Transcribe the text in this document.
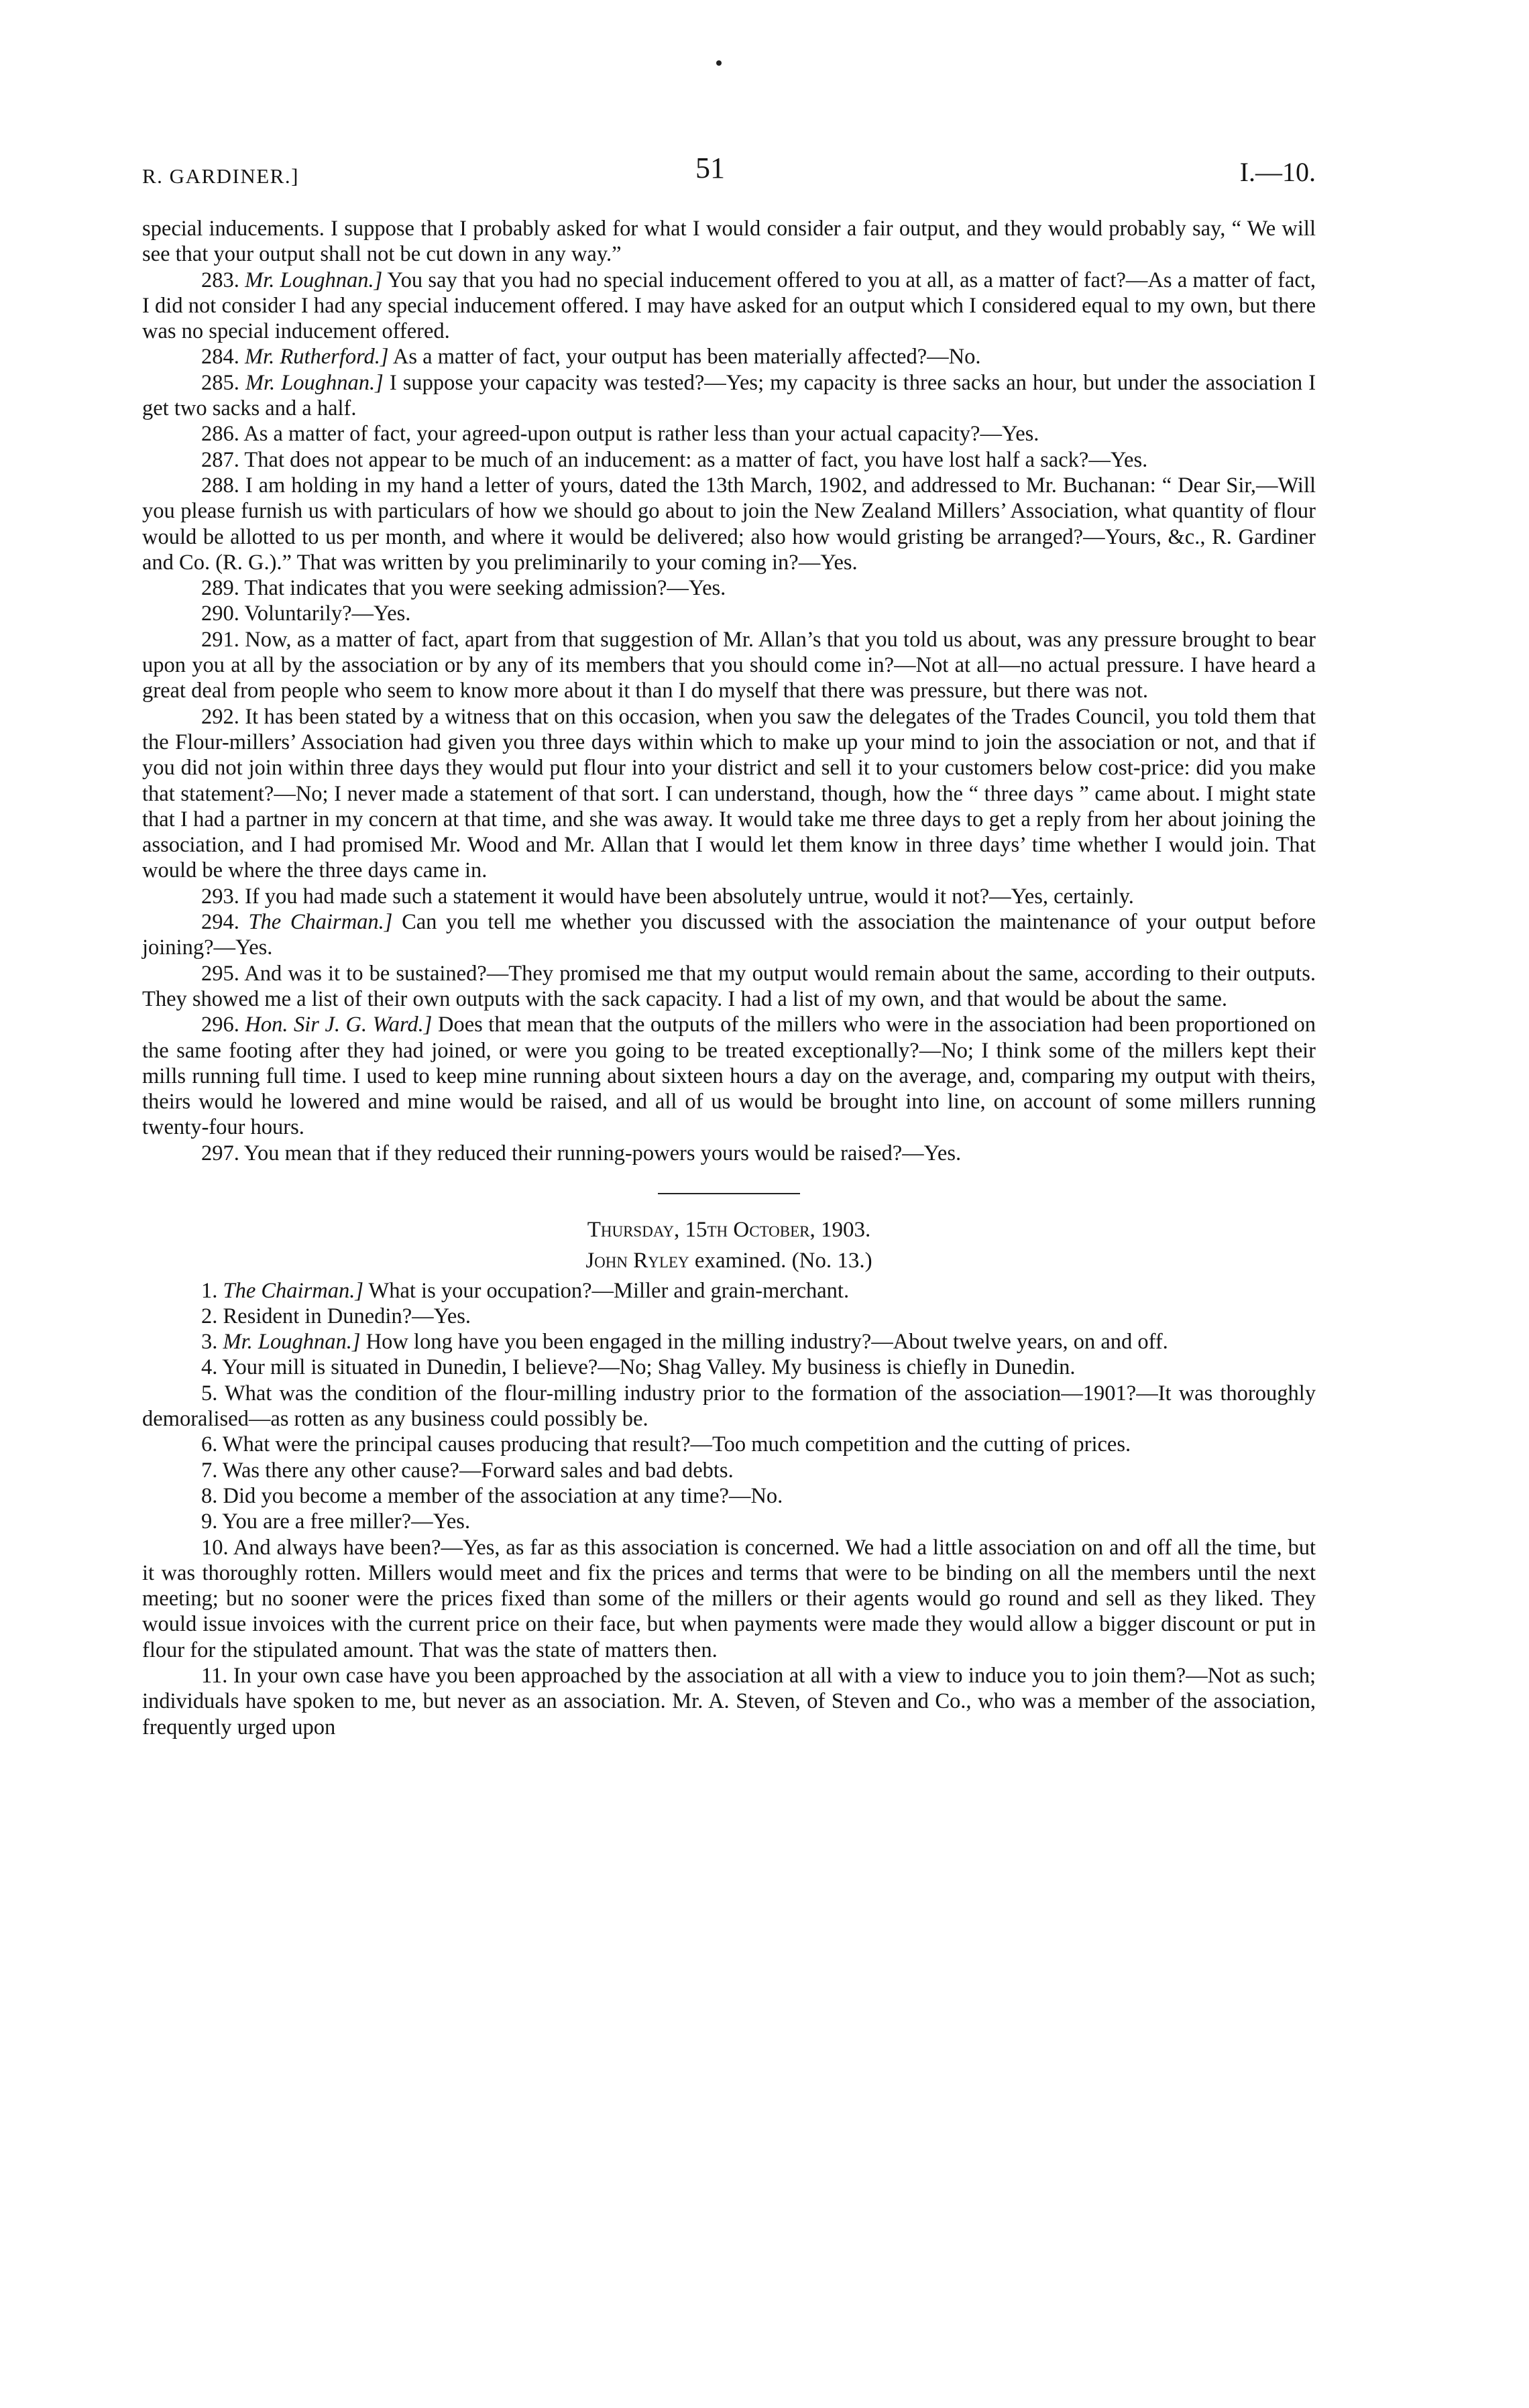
R. GARDINER.]	51	I.—10.

special inducements. I suppose that I probably asked for what I would consider a fair output, and they would probably say, “ We will see that your output shall not be cut down in any way.”

283. Mr. Loughnan.] You say that you had no special inducement offered to you at all, as a matter of fact?—As a matter of fact, I did not consider I had any special inducement offered. I may have asked for an output which I considered equal to my own, but there was no special inducement offered.

284. Mr. Rutherford.] As a matter of fact, your output has been materially affected?—No.

285. Mr. Loughnan.] I suppose your capacity was tested?—Yes; my capacity is three sacks an hour, but under the association I get two sacks and a half.

286. As a matter of fact, your agreed-upon output is rather less than your actual capacity?—Yes.

287. That does not appear to be much of an inducement: as a matter of fact, you have lost half a sack?—Yes.

288. I am holding in my hand a letter of yours, dated the 13th March, 1902, and addressed to Mr. Buchanan: “ Dear Sir,—Will you please furnish us with particulars of how we should go about to join the New Zealand Millers’ Association, what quantity of flour would be allotted to us per month, and where it would be delivered; also how would gristing be arranged?—Yours, &c., R. Gardiner and Co. (R. G.).” That was written by you preliminarily to your coming in?—Yes.

289. That indicates that you were seeking admission?—Yes.

290. Voluntarily?—Yes.

291. Now, as a matter of fact, apart from that suggestion of Mr. Allan’s that you told us about, was any pressure brought to bear upon you at all by the association or by any of its members that you should come in?—Not at all—no actual pressure. I have heard a great deal from people who seem to know more about it than I do myself that there was pressure, but there was not.

292. It has been stated by a witness that on this occasion, when you saw the delegates of the Trades Council, you told them that the Flour-millers’ Association had given you three days within which to make up your mind to join the association or not, and that if you did not join within three days they would put flour into your district and sell it to your customers below cost-price: did you make that statement?—No; I never made a statement of that sort. I can understand, though, how the “ three days ” came about. I might state that I had a partner in my concern at that time, and she was away. It would take me three days to get a reply from her about joining the association, and I had promised Mr. Wood and Mr. Allan that I would let them know in three days’ time whether I would join. That would be where the three days came in.

293. If you had made such a statement it would have been absolutely untrue, would it not?—Yes, certainly.

294. The Chairman.] Can you tell me whether you discussed with the association the maintenance of your output before joining?—Yes.

295. And was it to be sustained?—They promised me that my output would remain about the same, according to their outputs. They showed me a list of their own outputs with the sack capacity. I had a list of my own, and that would be about the same.

296. Hon. Sir J. G. Ward.] Does that mean that the outputs of the millers who were in the association had been proportioned on the same footing after they had joined, or were you going to be treated exceptionally?—No; I think some of the millers kept their mills running full time. I used to keep mine running about sixteen hours a day on the average, and, comparing my output with theirs, theirs would he lowered and mine would be raised, and all of us would be brought into line, on account of some millers running twenty-four hours.

297. You mean that if they reduced their running-powers yours would be raised?—Yes.

Thursday, 15th October, 1903.

John Ryley examined. (No. 13.)

1. The Chairman.] What is your occupation?—Miller and grain-merchant.

2. Resident in Dunedin?—Yes.

3. Mr. Loughnan.] How long have you been engaged in the milling industry?—About twelve years, on and off.

4. Your mill is situated in Dunedin, I believe?—No; Shag Valley. My business is chiefly in Dunedin.

5. What was the condition of the flour-milling industry prior to the formation of the association—1901?—It was thoroughly demoralised—as rotten as any business could possibly be.

6. What were the principal causes producing that result?—Too much competition and the cutting of prices.

7. Was there any other cause?—Forward sales and bad debts.

8. Did you become a member of the association at any time?—No.

9. You are a free miller?—Yes.

10. And always have been?—Yes, as far as this association is concerned. We had a little association on and off all the time, but it was thoroughly rotten. Millers would meet and fix the prices and terms that were to be binding on all the members until the next meeting; but no sooner were the prices fixed than some of the millers or their agents would go round and sell as they liked. They would issue invoices with the current price on their face, but when payments were made they would allow a bigger discount or put in flour for the stipulated amount. That was the state of matters then.

11. In your own case have you been approached by the association at all with a view to induce you to join them?—Not as such; individuals have spoken to me, but never as an association. Mr. A. Steven, of Steven and Co., who was a member of the association, frequently urged upon
